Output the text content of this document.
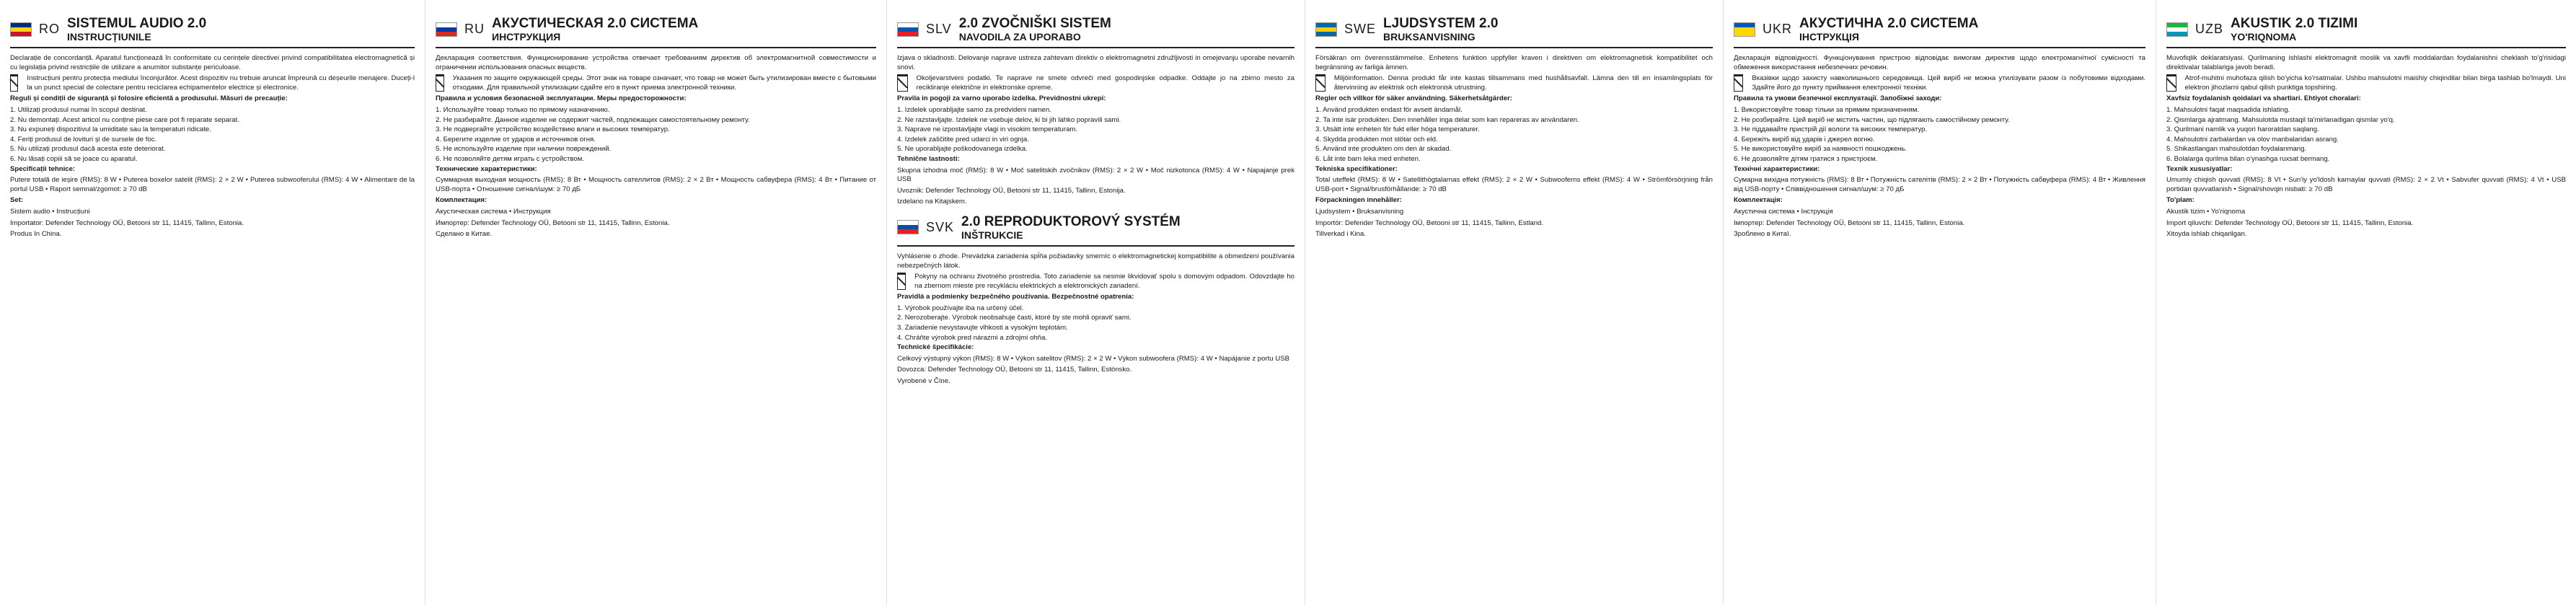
RO SISTEMUL AUDIO 2.0
INSTRUCȚIUNILE

Declarație de concordanță. Aparatul funcționează în conformitate cu cerințele directivei privind compatibilitatea electromagnetică și cu legislația privind restricțiile de utilizare a anumitor substanțe periculoase.

Instrucțiuni pentru protecția mediului înconjurător. Acest dispozitiv nu trebuie aruncat împreună cu deșeurile menajere. Duceți-l la un punct special de colectare pentru reciclarea echipamentelor electrice și electronice.

Reguli și condiții de siguranță și folosire eficientă a produsului. Măsuri de precauție:

1. Utilizați produsul numai în scopul destinat.

2. Nu demontați. Acest articol nu conține piese care pot fi reparate separat.

3. Nu expuneți dispozitivul la umiditate sau la temperaturi ridicate.

4. Feriți produsul de lovituri și de sursele de foc.

5. Nu utilizați produsul dacă acesta este deteriorat.

6. Nu lăsați copiii să se joace cu aparatul.

Specificații tehnice:

Putere totală de ieșire (RMS): 8 W • Puterea boxelor satelit (RMS): 2 × 2 W • Puterea subwooferului (RMS): 4 W • Alimentare de la portul USB • Raport semnal/zgomot: ≥ 70 dB

Set:

Sistem audio • Instrucțiuni

Importator: Defender Technology OÜ, Betooni str 11, 11415, Tallinn, Estonia.

Produs în China.

RU АКУСТИЧЕСКАЯ 2.0 СИСТЕМА
ИНСТРУКЦИЯ

Декларация соответствия. Функционирование устройства отвечает требованиям директив об электромагнитной совместимости и ограничении использования опасных веществ.

Указания по защите окружающей среды. Этот знак на товаре означает, что товар не может быть утилизирован вместе с бытовыми отходами. Для правильной утилизации сдайте его в пункт приема электронной техники.

Правила и условия безопасной эксплуатации. Меры предосторожности:

1. Используйте товар только по прямому назначению.

2. Не разбирайте. Данное изделие не содержит частей, подлежащих самостоятельному ремонту.

3. Не подвергайте устройство воздействию влаги и высоких температур.

4. Берегите изделие от ударов и источников огня.

5. Не используйте изделие при наличии повреждений.

6. Не позволяйте детям играть с устройством.

Технические характеристики:

Суммарная выходная мощность (RMS): 8 Вт • Мощность сателлитов (RMS): 2 × 2 Вт • Мощность сабвуфера (RMS): 4 Вт • Питание от USB-порта • Отношение сигнал/шум: ≥ 70 дБ

Комплектация:

Акустическая система • Инструкция

Импортер: Defender Technology OÜ, Betooni str 11, 11415, Tallinn, Estonia.

Сделано в Китае.

SLV 2.0 ZVOČNIŠKI SISTEM
NAVODILA ZA UPORABO

Izjava o skladnosti. Delovanje naprave ustreza zahtevam direktiv o elektromagnetni združljivosti in omejevanju uporabe nevarnih snovi.

Okoljevarstveni podatki. Te naprave ne smete odvreči med gospodinjske odpadke. Oddajte jo na zbirno mesto za recikliranje električne in elektronske opreme.

Pravila in pogoji za varno uporabo izdelka. Previdnostni ukrepi:

1. Izdelek uporabljajte samo za predvideni namen.

2. Ne razstavljajte. Izdelek ne vsebuje delov, ki bi jih lahko popravili sami.

3. Naprave ne izpostavljajte vlagi in visokim temperaturam.

4. Izdelek zaščitite pred udarci in viri ognja.

5. Ne uporabljajte poškodovanega izdelka.

Tehnične lastnosti:

Skupna izhodna moč (RMS): 8 W • Moč satelitskih zvočnikov (RMS): 2 × 2 W • Moč nizkotonca (RMS): 4 W • Napajanje prek USB

Uvoznik: Defender Technology OÜ, Betooni str 11, 11415, Tallinn, Estonija.

Izdelano na Kitajskem.

SVK 2.0 REPRODUKTOROVÝ SYSTÉM
INŠTRUKCIE

Vyhlásenie o zhode. Prevádzka zariadenia spĺňa požiadavky smerníc o elektromagnetickej kompatibilite a obmedzení používania nebezpečných látok.

Pokyny na ochranu životného prostredia. Toto zariadenie sa nesmie likvidovať spolu s domovým odpadom. Odovzdajte ho na zbernom mieste pre recykláciu elektrických a elektronických zariadení.

Pravidlá a podmienky bezpečného používania. Bezpečnostné opatrenia:

1. Výrobok používajte iba na určený účel.

2. Nerozoberajte. Výrobok neobsahuje časti, ktoré by ste mohli opraviť sami.

3. Zariadenie nevystavujte vlhkosti a vysokým teplotám.

4. Chráňte výrobok pred nárazmi a zdrojmi ohňa.

Technické špecifikácie:

Celkový výstupný výkon (RMS): 8 W • Výkon satelitov (RMS): 2 × 2 W • Výkon subwoofera (RMS): 4 W • Napájanie z portu USB

Dovozca: Defender Technology OÜ, Betooni str 11, 11415, Tallinn, Estónsko.

Vyrobené v Číne.

SWE LJUDSYSTEM 2.0
BRUKSANVISNING

Försäkran om överensstämmelse. Enhetens funktion uppfyller kraven i direktiven om elektromagnetisk kompatibilitet och begränsning av farliga ämnen.

Miljöinformation. Denna produkt får inte kastas tillsammans med hushållsavfall. Lämna den till en insamlingsplats för återvinning av elektrisk och elektronisk utrustning.

Regler och villkor för säker användning. Säkerhetsåtgärder:

1. Använd produkten endast för avsett ändamål.

2. Ta inte isär produkten. Den innehåller inga delar som kan repareras av användaren.

3. Utsätt inte enheten för fukt eller höga temperaturer.

4. Skydda produkten mot stötar och eld.

5. Använd inte produkten om den är skadad.

6. Låt inte barn leka med enheten.

Tekniska specifikationer:

Total uteffekt (RMS): 8 W • Satellithögtalarnas effekt (RMS): 2 × 2 W • Subwooferns effekt (RMS): 4 W • Strömförsörjning från USB-port • Signal/brusförhållande: ≥ 70 dB

Förpackningen innehåller:

Ljudsystem • Bruksanvisning

Importör: Defender Technology OÜ, Betooni str 11, 11415, Tallinn, Estland.

Tillverkad i Kina.

UKR АКУСТИЧНА 2.0 СИСТЕМА
ІНСТРУКЦІЯ

Декларація відповідності. Функціонування пристрою відповідає вимогам директив щодо електромагнітної сумісності та обмеження використання небезпечних речовин.

Вказівки щодо захисту навколишнього середовища. Цей виріб не можна утилізувати разом із побутовими відходами. Здайте його до пункту приймання електронної техніки.

Правила та умови безпечної експлуатації. Запобіжні заходи:

1. Використовуйте товар тільки за прямим призначенням.

2. Не розбирайте. Цей виріб не містить частин, що підлягають самостійному ремонту.

3. Не піддавайте пристрій дії вологи та високих температур.

4. Бережіть виріб від ударів і джерел вогню.

5. Не використовуйте виріб за наявності пошкоджень.

6. Не дозволяйте дітям гратися з пристроєм.

Технічні характеристики:

Сумарна вихідна потужність (RMS): 8 Вт • Потужність сателітів (RMS): 2 × 2 Вт • Потужність сабвуфера (RMS): 4 Вт • Живлення від USB-порту • Співвідношення сигнал/шум: ≥ 70 дБ

Комплектація:

Акустична система • Інструкція

Імпортер: Defender Technology OÜ, Betooni str 11, 11415, Tallinn, Estonia.

Зроблено в Китаї.

UZB AKUSTIK 2.0 TIZIMI
YO'RIQNOMA

Muvofiqlik deklaratsiyasi. Qurilmaning ishlashi elektromagnit moslik va xavfli moddalardan foydalanishni cheklash to'g'risidagi direktivalar talablariga javob beradi.

Atrof-muhitni muhofaza qilish bo'yicha ko'rsatmalar. Ushbu mahsulotni maishiy chiqindilar bilan birga tashlab bo'lmaydi. Uni elektron jihozlarni qabul qilish punktiga topshiring.

Xavfsiz foydalanish qoidalari va shartlari. Ehtiyot choralari:

1. Mahsulotni faqat maqsadida ishlating.

2. Qismlarga ajratmang. Mahsulotda mustaqil ta'mirlanadigan qismlar yo'q.

3. Qurilmani namlik va yuqori haroratdan saqlang.

4. Mahsulotni zarbalardan va olov manbalaridan asrang.

5. Shikastlangan mahsulotdan foydalanmang.

6. Bolalarga qurilma bilan o'ynashga ruxsat bermang.

Texnik xususiyatlar:

Umumiy chiqish quvvati (RMS): 8 Vt • Sun'iy yo'ldosh karnaylar quvvati (RMS): 2 × 2 Vt • Sabvufer quvvati (RMS): 4 Vt • USB portidan quvvatlanish • Signal/shovqin nisbati: ≥ 70 dB

To'plam:

Akustik tizim • Yo'riqnoma

Import qiluvchi: Defender Technology OÜ, Betooni str 11, 11415, Tallinn, Estonia.

Xitoyda ishlab chiqarilgan.
